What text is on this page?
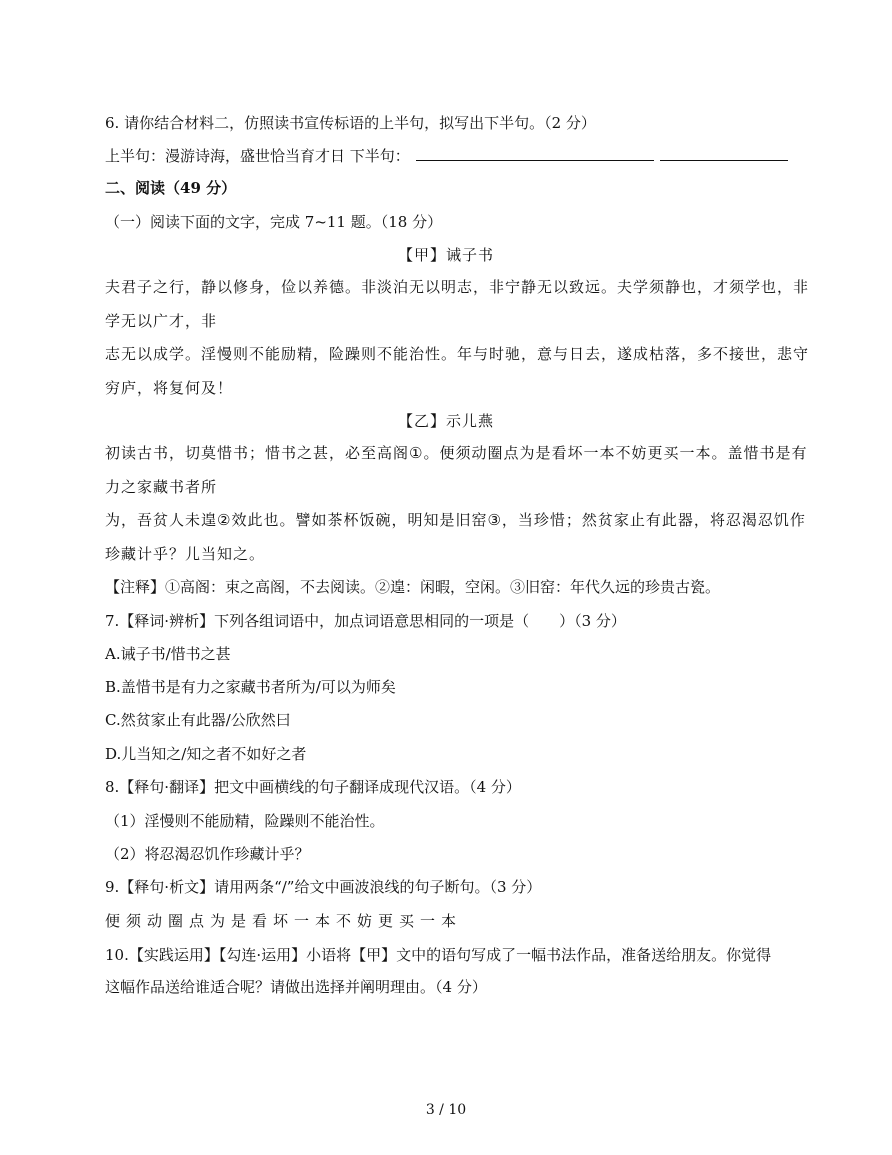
6. 请你结合材料二，仿照读书宣传标语的上半句，拟写出下半句。（2 分）
上半句：漫游诗海，盛世恰当育才日 下半句：
二、阅读（49 分）
（一）阅读下面的文字，完成 7~11 题。（18 分）
【甲】诫子书
夫君子之行，静以修身，俭以养德。非淡泊无以明志，非宁静无以致远。夫学须静也，才须学也，非
学无以广才，非
志无以成学。淫慢则不能励精，险躁则不能治性。年与时驰，意与日去，遂成枯落，多不接世，悲守
穷庐，将复何及！
【乙】示儿燕
初读古书，切莫惜书；惜书之甚，必至高阁①。便须动圈点为是看坏一本不妨更买一本。盖惜书是有
力之家藏书者所
为，吾贫人未遑②效此也。譬如茶杯饭碗，明知是旧窑③，当珍惜；然贫家止有此器，将忍渴忍饥作
珍藏计乎？儿当知之。
【注释】①高阁：束之高阁，不去阅读。②遑：闲暇，空闲。③旧窑：年代久远的珍贵古瓷。
7.【释词·辨析】下列各组词语中，加点词语意思相同的一项是（　　）（3 分）
A.诫子书/惜书之甚
B.盖惜书是有力之家藏书者所为/可以为师矣
C.然贫家止有此器/公欣然曰
D.儿当知之/知之者不如好之者
8.【释句·翻译】把文中画横线的句子翻译成现代汉语。（4 分）
（1）淫慢则不能励精，险躁则不能治性。
（2）将忍渴忍饥作珍藏计乎？
9.【释句·析文】请用两条“/”给文中画波浪线的句子断句。（3 分）
便须动圈点为是看坏一本不妨更买一本
10.【实践运用】【勾连·运用】小语将【甲】文中的语句写成了一幅书法作品，准备送给朋友。你觉得
这幅作品送给谁适合呢？请做出选择并阐明理由。（4 分）
3 / 10
